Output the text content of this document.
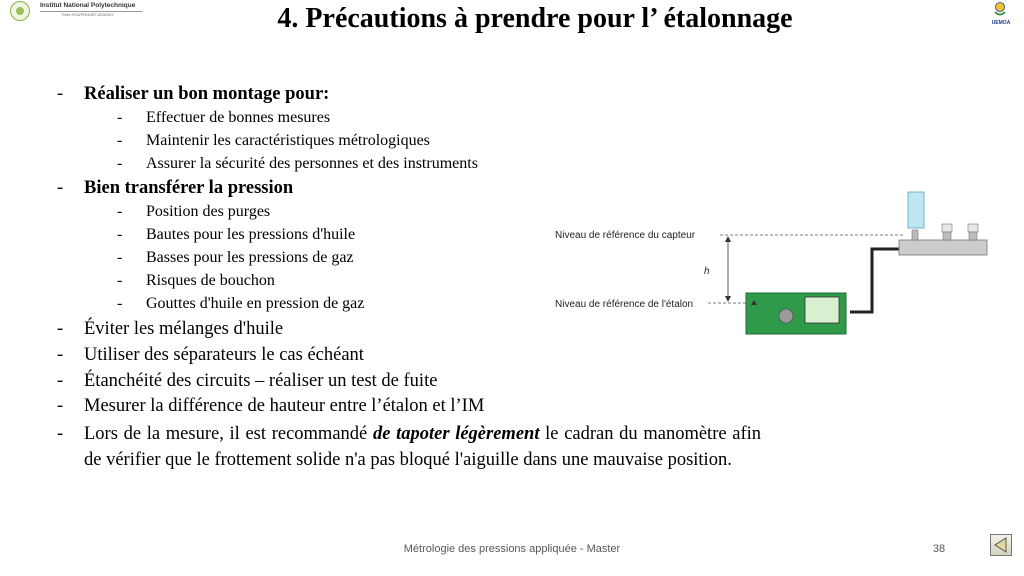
Institut National Polytechnique
Félix HOUPHOUËT-BOIGNY
UEMOA
4. Précautions à prendre pour l’ étalonnage
- Réaliser un bon montage pour:
- Effectuer de bonnes mesures
- Maintenir les caractéristiques métrologiques
- Assurer la sécurité des personnes et des instruments
- Bien transférer la pression
- Position des purges
- Bautes pour les pressions d'huile
- Basses pour les pressions de gaz
- Risques de bouchon
- Gouttes d'huile en pression de gaz
- Éviter les mélanges d'huile
- Utiliser des séparateurs le cas échéant
- Étanchéité des circuits – réaliser un test de fuite
- Mesurer la différence de hauteur entre l’étalon et l’IM
- Lors de la mesure, il est recommandé de tapoter légèrement le cadran du manomètre afin de vérifier que le frottement solide n'a pas bloqué l'aiguille dans une mauvaise position.
h
Niveau de référence du capteur
Niveau de référence de l'étalon
Métrologie des pressions appliquée - Master	38
